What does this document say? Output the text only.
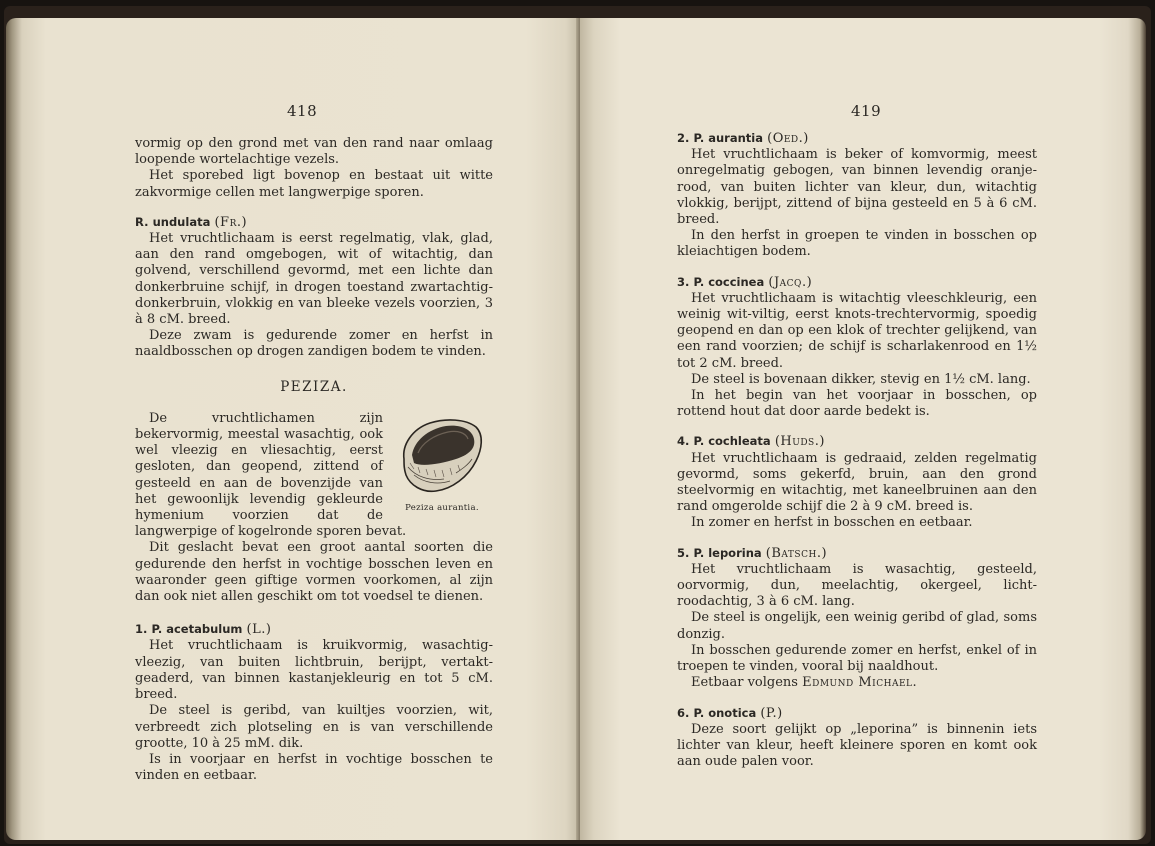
418

vormig op den grond met van den rand naar omlaag loopende wortelachtige vezels.

Het sporebed ligt bovenop en bestaat uit witte zakvormige cellen met langwerpige sporen.

R. undulata (Fr.)

Het vruchtlichaam is eerst regelmatig, vlak, glad, aan den rand omgebogen, wit of witachtig, dan golvend, verschillend gevormd, met een lichte dan donkerbruine schijf, in drogen toestand zwartachtig-donkerbruin, vlokkig en van bleeke vezels voorzien, 3 à 8 cM. breed.

Deze zwam is gedurende zomer en herfst in naaldbosschen op drogen zandigen bodem te vinden.

PEZIZA.
Peziza aurantia.

De vruchtlichamen zijn bekervormig, meestal wasachtig, ook wel vleezig en vliesachtig, eerst gesloten, dan geopend, zittend of gesteeld en aan de bovenzijde van het gewoonlijk levendig gekleurde hymenium voorzien dat de langwerpige of kogelronde sporen bevat.

Dit geslacht bevat een groot aantal soorten die gedurende den herfst in vochtige bosschen leven en waaronder geen giftige vormen voorkomen, al zijn dan ook niet allen geschikt om tot voedsel te dienen.

1. P. acetabulum (L.)

Het vruchtlichaam is kruikvormig, wasachtig-vleezig, van buiten lichtbruin, berijpt, vertakt-geaderd, van binnen kastanjekleurig en tot 5 cM. breed.

De steel is geribd, van kuiltjes voorzien, wit, verbreedt zich plotseling en is van verschillende grootte, 10 à 25 mM. dik.

Is in voorjaar en herfst in vochtige bosschen te vinden en eetbaar.

419
2. P. aurantia (Oed.)

Het vruchtlichaam is beker of komvormig, meest onregelmatig gebogen, van binnen levendig oranje-rood, van buiten lichter van kleur, dun, witachtig vlokkig, berijpt, zittend of bijna gesteeld en 5 à 6 cM. breed.

In den herfst in groepen te vinden in bosschen op kleiachtigen bodem.

3. P. coccinea (Jacq.)

Het vruchtlichaam is witachtig vleeschkleurig, een weinig wit-viltig, eerst knots-trechtervormig, spoedig geopend en dan op een klok of trechter gelijkend, van een rand voorzien; de schijf is scharlakenrood en 1½ tot 2 cM. breed.

De steel is bovenaan dikker, stevig en 1½ cM. lang.

In het begin van het voorjaar in bosschen, op rottend hout dat door aarde bedekt is.

4. P. cochleata (Huds.)

Het vruchtlichaam is gedraaid, zelden regelmatig gevormd, soms gekerfd, bruin, aan den grond steelvormig en witachtig, met kaneelbruinen aan den rand omgerolde schijf die 2 à 9 cM. breed is.

In zomer en herfst in bosschen en eetbaar.

5. P. leporina (Batsch.)

Het vruchtlichaam is wasachtig, gesteeld, oorvormig, dun, meelachtig, okergeel, licht-roodachtig, 3 à 6 cM. lang.

De steel is ongelijk, een weinig geribd of glad, soms donzig.

In bosschen gedurende zomer en herfst, enkel of in troepen te vinden, vooral bij naaldhout.

Eetbaar volgens Edmund Michael.

6. P. onotica (P.)

Deze soort gelijkt op „leporina” is binnenin iets lichter van kleur, heeft kleinere sporen en komt ook aan oude palen voor.
